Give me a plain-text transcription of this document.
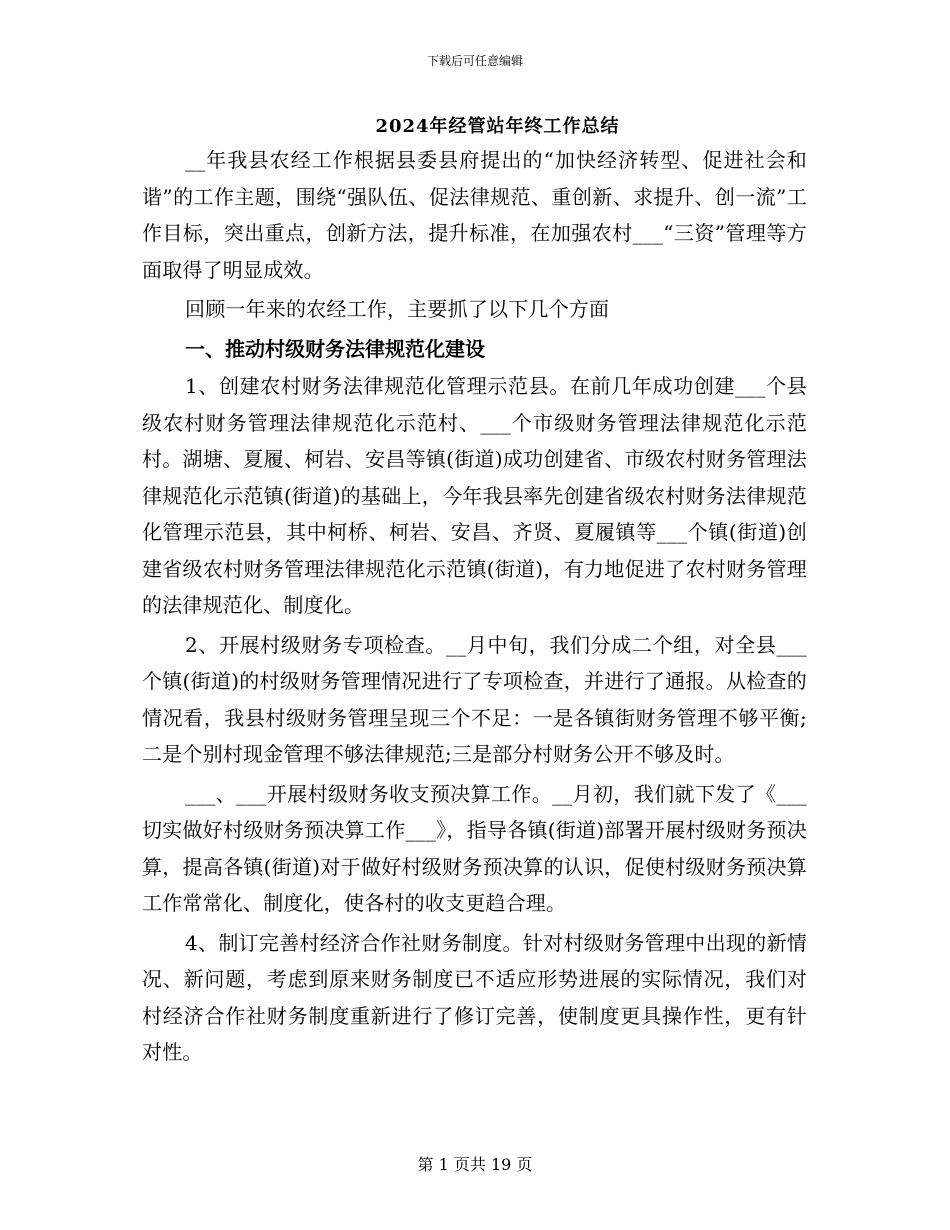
下载后可任意编辑
2024年经管站年终工作总结

__年我县农经工作根据县委县府提出的“加快经济转型、促进社会和谐”的工作主题，围绕“强队伍、促法律规范、重创新、求提升、创一流”工作目标，突出重点，创新方法，提升标准，在加强农村___“三资”管理等方面取得了明显成效。

回顾一年来的农经工作，主要抓了以下几个方面

一、推动村级财务法律规范化建设

1、创建农村财务法律规范化管理示范县。在前几年成功创建___个县级农村财务管理法律规范化示范村、___个市级财务管理法律规范化示范村。湖塘、夏履、柯岩、安昌等镇(街道)成功创建省、市级农村财务管理法律规范化示范镇(街道)的基础上，今年我县率先创建省级农村财务法律规范化管理示范县，其中柯桥、柯岩、安昌、齐贤、夏履镇等___个镇(街道)创建省级农村财务管理法律规范化示范镇(街道)，有力地促进了农村财务管理的法律规范化、制度化。

2、开展村级财务专项检查。__月中旬，我们分成二个组，对全县___个镇(街道)的村级财务管理情况进行了专项检查，并进行了通报。从检查的情况看，我县村级财务管理呈现三个不足：一是各镇街财务管理不够平衡;二是个别村现金管理不够法律规范;三是部分村财务公开不够及时。

___、___开展村级财务收支预决算工作。__月初，我们就下发了《___切实做好村级财务预决算工作___》，指导各镇(街道)部署开展村级财务预决算，提高各镇(街道)对于做好村级财务预决算的认识，促使村级财务预决算工作常常化、制度化，使各村的收支更趋合理。

4、制订完善村经济合作社财务制度。针对村级财务管理中出现的新情况、新问题，考虑到原来财务制度已不适应形势进展的实际情况，我们对村经济合作社财务制度重新进行了修订完善，使制度更具操作性，更有针对性。

第 1 页共 19 页
